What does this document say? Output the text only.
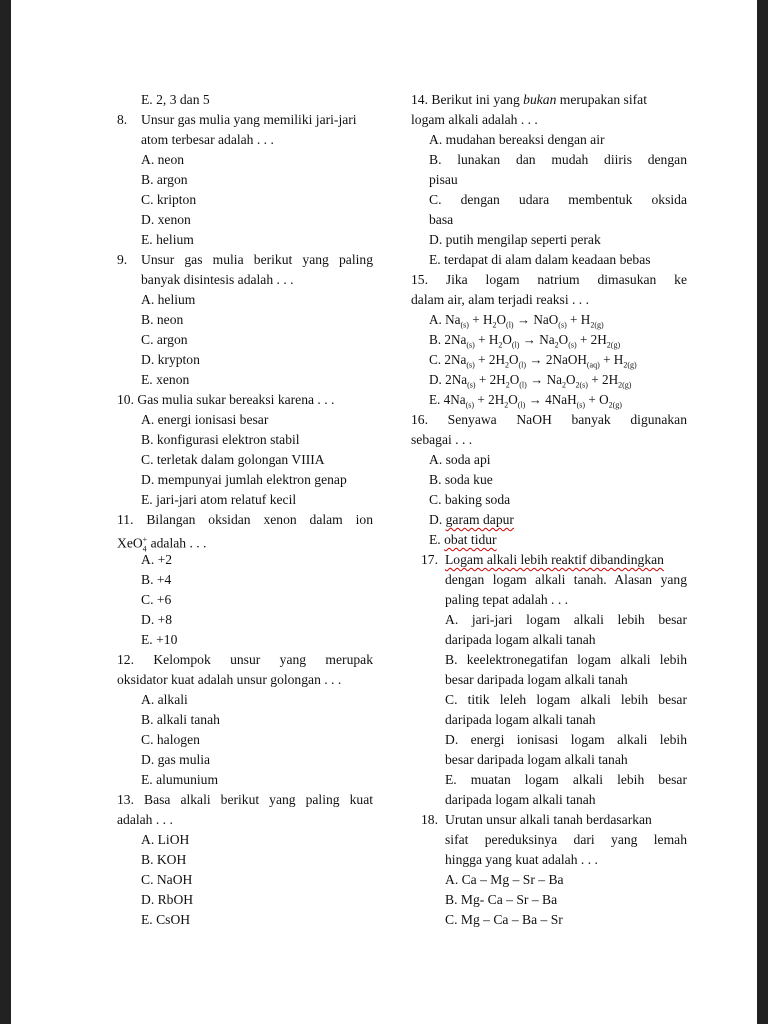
E. 2, 3 dan 5
8. Unsur gas mulia yang memiliki jari-jari
atom terbesar adalah . . .
A. neon
B. argon
C. kripton
D. xenon
E. helium
9. Unsur gas mulia berikut yang paling
banyak disintesis adalah . . .
A. helium
B. neon
C. argon
D. krypton
E. xenon
10. Gas mulia sukar bereaksi karena . . .
A. energi ionisasi besar
B. konfigurasi elektron stabil
C. terletak dalam golongan VIIIA
D. mempunyai jumlah elektron genap
E. jari-jari atom relatuf kecil
11. Bilangan oksidan xenon dalam ion
XeO$_4$+ adalah . . .
A. +2
B. +4
C. +6
D. +8
E. +10
12. Kelompok unsur yang merupak
oksidator kuat adalah unsur golongan . . .
A. alkali
B. alkali tanah
C. halogen
D. gas mulia
E. alumunium
13. Basa alkali berikut yang paling kuat
adalah . . .
A. LiOH
B. KOH
C. NaOH
D. RbOH
E. CsOH
14. Berikut ini yang bukan merupakan sifat
logam alkali adalah . . .
A. mudahan bereaksi dengan air
B. lunakan dan mudah diiris dengan
pisau
C. dengan udara membentuk oksida
basa
D. putih mengilap seperti perak
E. terdapat di alam dalam keadaan bebas
15. Jika logam natrium dimasukan ke
dalam air, alam terjadi reaksi . . .
A. $Na_{(s)} + H_2O_{(l)} \to NaO_{(s)} + H_{2(g)}$
B. $2Na_{(s)} + H_2O_{(l)} \to Na_2O_{(s)} + 2H_{2(g)}$
C. $2Na_{(s)} + 2H_2O_{(l)}$ → 2NaOH$_{(aq)}$ + $H_{2(g)}$
D. $2Na_{(s)} + 2H_2O_{(l)} \to Na_2O_{2(s)} + 2H_{2(g)}$
E. $4Na_{(s)} + 2H_2O_{(l)} \to 4NaH_{(s)} + O_{2(g)}$
16. Senyawa NaOH banyak digunakan
sebagai . . .
A. soda api
B. soda kue
C. baking soda
D. garam dapur
E. obat tidur
17. Logam alkali lebih reaktif dibandingkan
dengan logam alkali tanah. Alasan yang
paling tepat adalah . . .
A. jari-jari logam alkali lebih besar
daripada logam alkali tanah
B. keelektronegatifan logam alkali lebih
besar daripada logam alkali tanah
C. titik leleh logam alkali lebih besar
daripada logam alkali tanah
D. energi ionisasi logam alkali lebih
besar daripada logam alkali tanah
E. muatan logam alkali lebih besar
daripada logam alkali tanah
18. Urutan unsur alkali tanah berdasarkan
sifat pereduksinya dari yang lemah
hingga yang kuat adalah . . .
A. Ca – Mg – Sr – Ba
B. Mg- Ca – Sr – Ba
C. Mg – Ca – Ba – Sr
